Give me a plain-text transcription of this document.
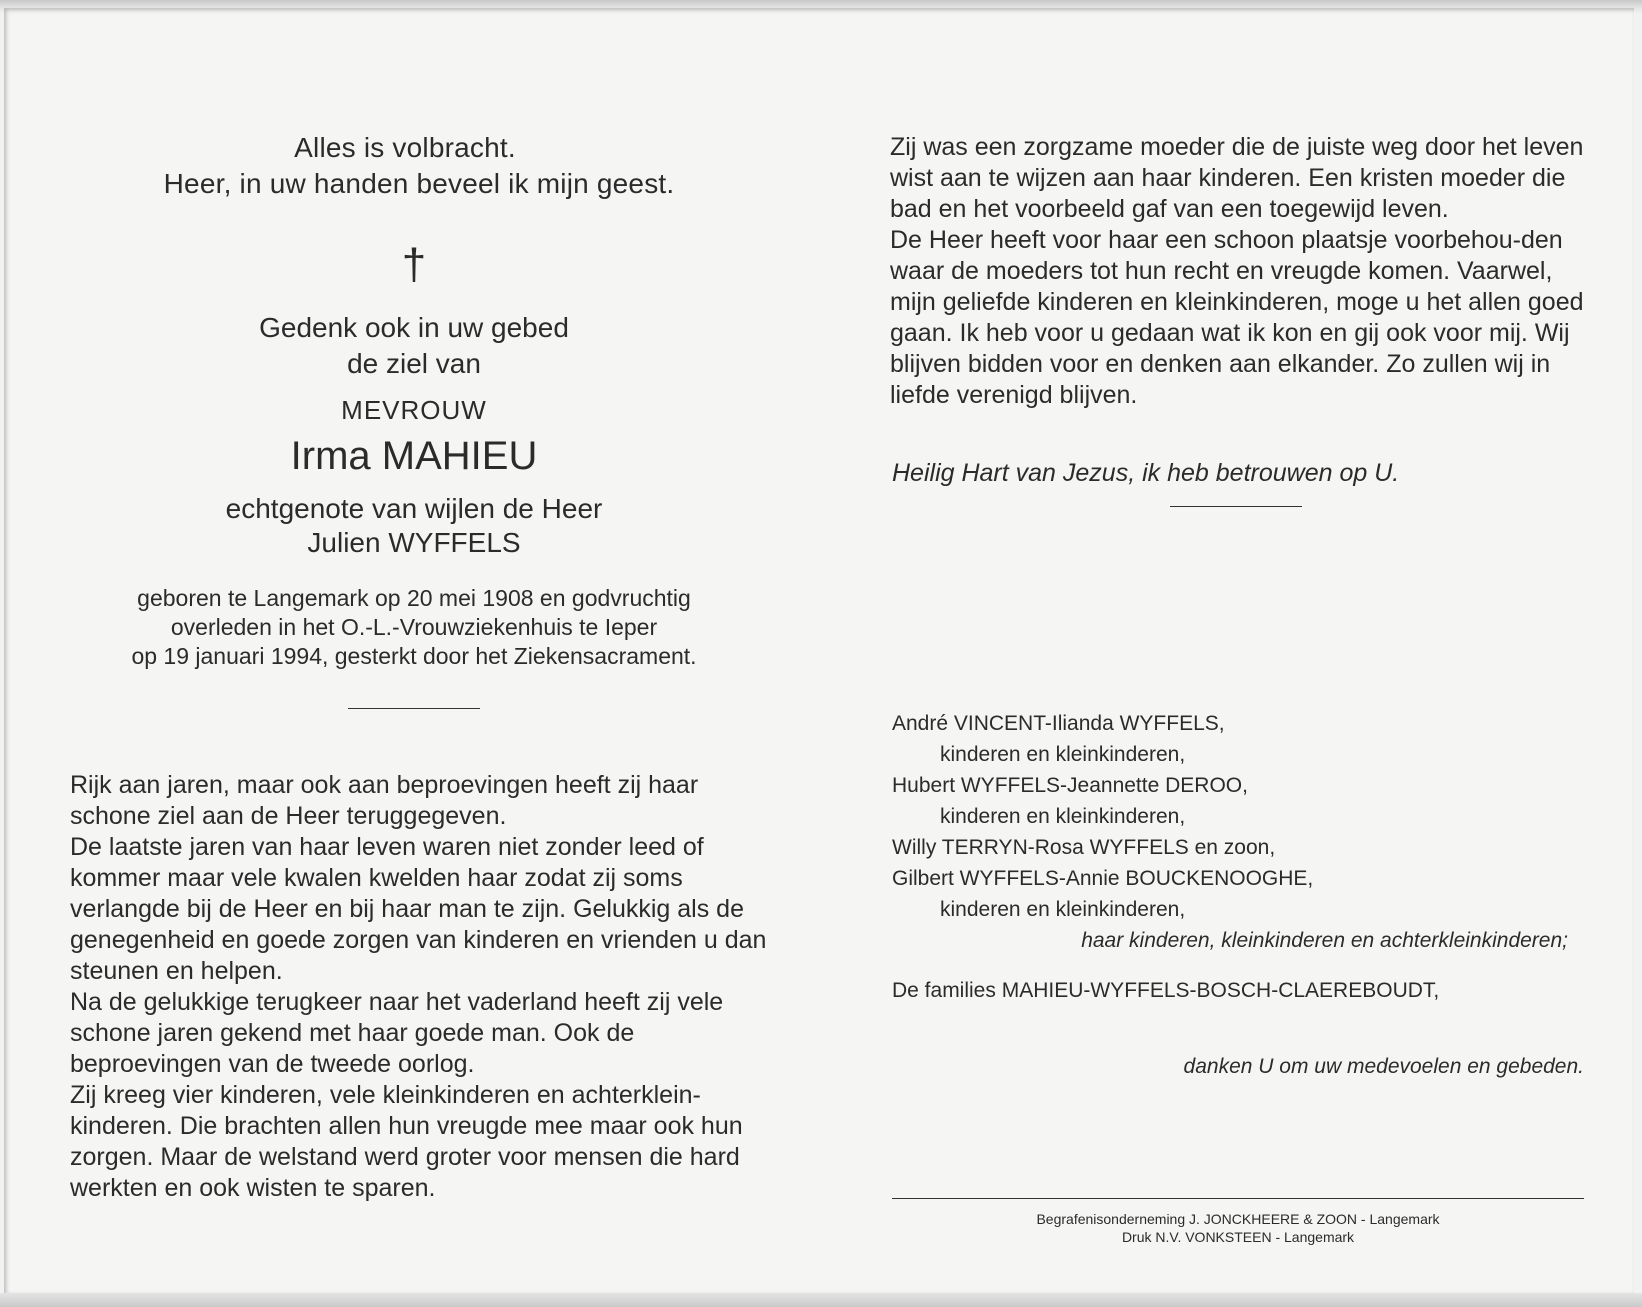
Alles is volbracht.
Heer, in uw handen beveel ik mijn geest.
†
Gedenk ook in uw gebed
de ziel van
MEVROUW
Irma MAHIEU
echtgenote van wijlen de Heer
Julien WYFFELS
geboren te Langemark op 20 mei 1908 en godvruchtig
overleden in het O.-L.-Vrouwziekenhuis te Ieper
op 19 januari 1994, gesterkt door het Ziekensacrament.

Rijk aan jaren, maar ook aan beproevingen heeft zij haar schone ziel aan de Heer teruggegeven.

De laatste jaren van haar leven waren niet zonder leed of kommer maar vele kwalen kwelden haar zodat zij soms verlangde bij de Heer en bij haar man te zijn. Gelukkig als de genegenheid en goede zorgen van kinderen en vrienden u dan steunen en helpen.

Na de gelukkige terugkeer naar het vaderland heeft zij vele schone jaren gekend met haar goede man. Ook de beproevingen van de tweede oorlog.

Zij kreeg vier kinderen, vele kleinkinderen en achterklein-kinderen. Die brachten allen hun vreugde mee maar ook hun zorgen. Maar de welstand werd groter voor mensen die hard werkten en ook wisten te sparen.

Zij was een zorgzame moeder die de juiste weg door het leven wist aan te wijzen aan haar kinderen. Een kristen moeder die bad en het voorbeeld gaf van een toegewijd leven.

De Heer heeft voor haar een schoon plaatsje voorbehou-den waar de moeders tot hun recht en vreugde komen. Vaarwel, mijn geliefde kinderen en kleinkinderen, moge u het allen goed gaan. Ik heb voor u gedaan wat ik kon en gij ook voor mij. Wij blijven bidden voor en denken aan elkander. Zo zullen wij in liefde verenigd blijven.

Heilig Hart van Jezus, ik heb betrouwen op U.
André VINCENT-Ilianda WYFFELS,
kinderen en kleinkinderen,
Hubert WYFFELS-Jeannette DEROO,
kinderen en kleinkinderen,
Willy TERRYN-Rosa WYFFELS en zoon,
Gilbert WYFFELS-Annie BOUCKENOOGHE,
kinderen en kleinkinderen,
haar kinderen, kleinkinderen en achterkleinkinderen;
De families MAHIEU-WYFFELS-BOSCH-CLAEREBOUDT,
danken U om uw medevoelen en gebeden.
Begrafenisonderneming J. JONCKHEERE & ZOON - Langemark
Druk N.V. VONKSTEEN - Langemark
